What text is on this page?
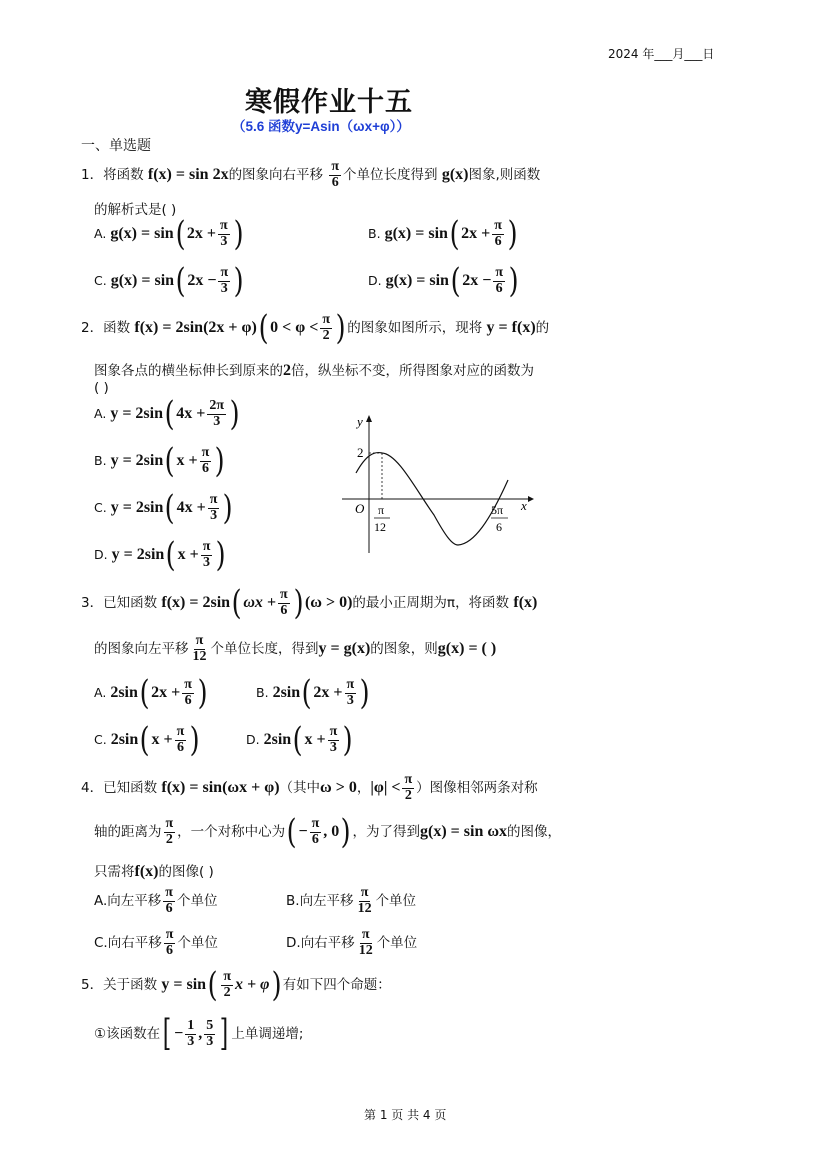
2024 年___月___日
寒假作业十五
（5.6 函数y=Asin（ωx+φ））
一、单选题
1．将函数 f(x) = sin 2x的图象向右平移 $\frac{\pi}{6}$ 个单位长度得到 g(x)图象,则函数
的解析式是( )
A. g(x) = sin( $2x + \frac{\pi}{3}$ )	B. g(x) = sin( $2x + \frac{\pi}{6}$ )
C. g(x) = sin( $2x - \frac{\pi}{3}$ )	D. g(x) = sin( $2x - \frac{\pi}{6}$ )
2．函数 f(x) = 2sin(2x + φ)( $0 < \varphi < \frac{\pi}{2}$ ) 的图象如图所示，现将 y = f(x)的
图象各点的横坐标伸长到原来的2倍，纵坐标不变，所得图象对应的函数为
( )
A. y = 2sin( $4x + \frac{2\pi}{3}$ )
B. y = 2sin( $x + \frac{\pi}{6}$ )
C. y = 2sin( $4x + \frac{\pi}{3}$ )
D. y = 2sin( $x + \frac{\pi}{3}$ )
y
x
O
2
π
12
5π
6
3．已知函数 f(x) = 2sin( $\omega x + \frac{\pi}{6}$ ) (ω > 0)的最小正周期为π，将函数 f(x)
的图象向左平移 $\frac{\pi}{12}$ 个单位长度，得到y = g(x)的图象，则g(x) = ( )
A. 2sin( $2x + \frac{\pi}{6}$ )	B. 2sin( $2x + \frac{\pi}{3}$ )
C. 2sin( $x + \frac{\pi}{6}$ )	D. 2sin( $x + \frac{\pi}{3}$ )
4．已知函数 f(x) = sin(ωx + φ)（其中ω > 0，$|\varphi| < \frac{\pi}{2}$ ）图像相邻两条对称
轴的距离为 $\frac{\pi}{2}$ ，一个对称中心为( − $\frac{\pi}{6}$ , 0) ，为了得到g(x) = sin ωx的图像，
只需将f(x)的图像( )
A.向左平移 $\frac{\pi}{6}$ 个单位	B.向左平移 $\frac{\pi}{12}$ 个单位
C.向右平移 $\frac{\pi}{6}$ 个单位	D.向右平移 $\frac{\pi}{12}$ 个单位
5．关于函数 $y = \sin( \frac{\pi}{2}$ x + φ) 有如下四个命题：
①该函数在[ − $\frac{1}{3}$ , $\frac{5}{3}$ ] 上单调递增;
第 1 页 共 4 页
